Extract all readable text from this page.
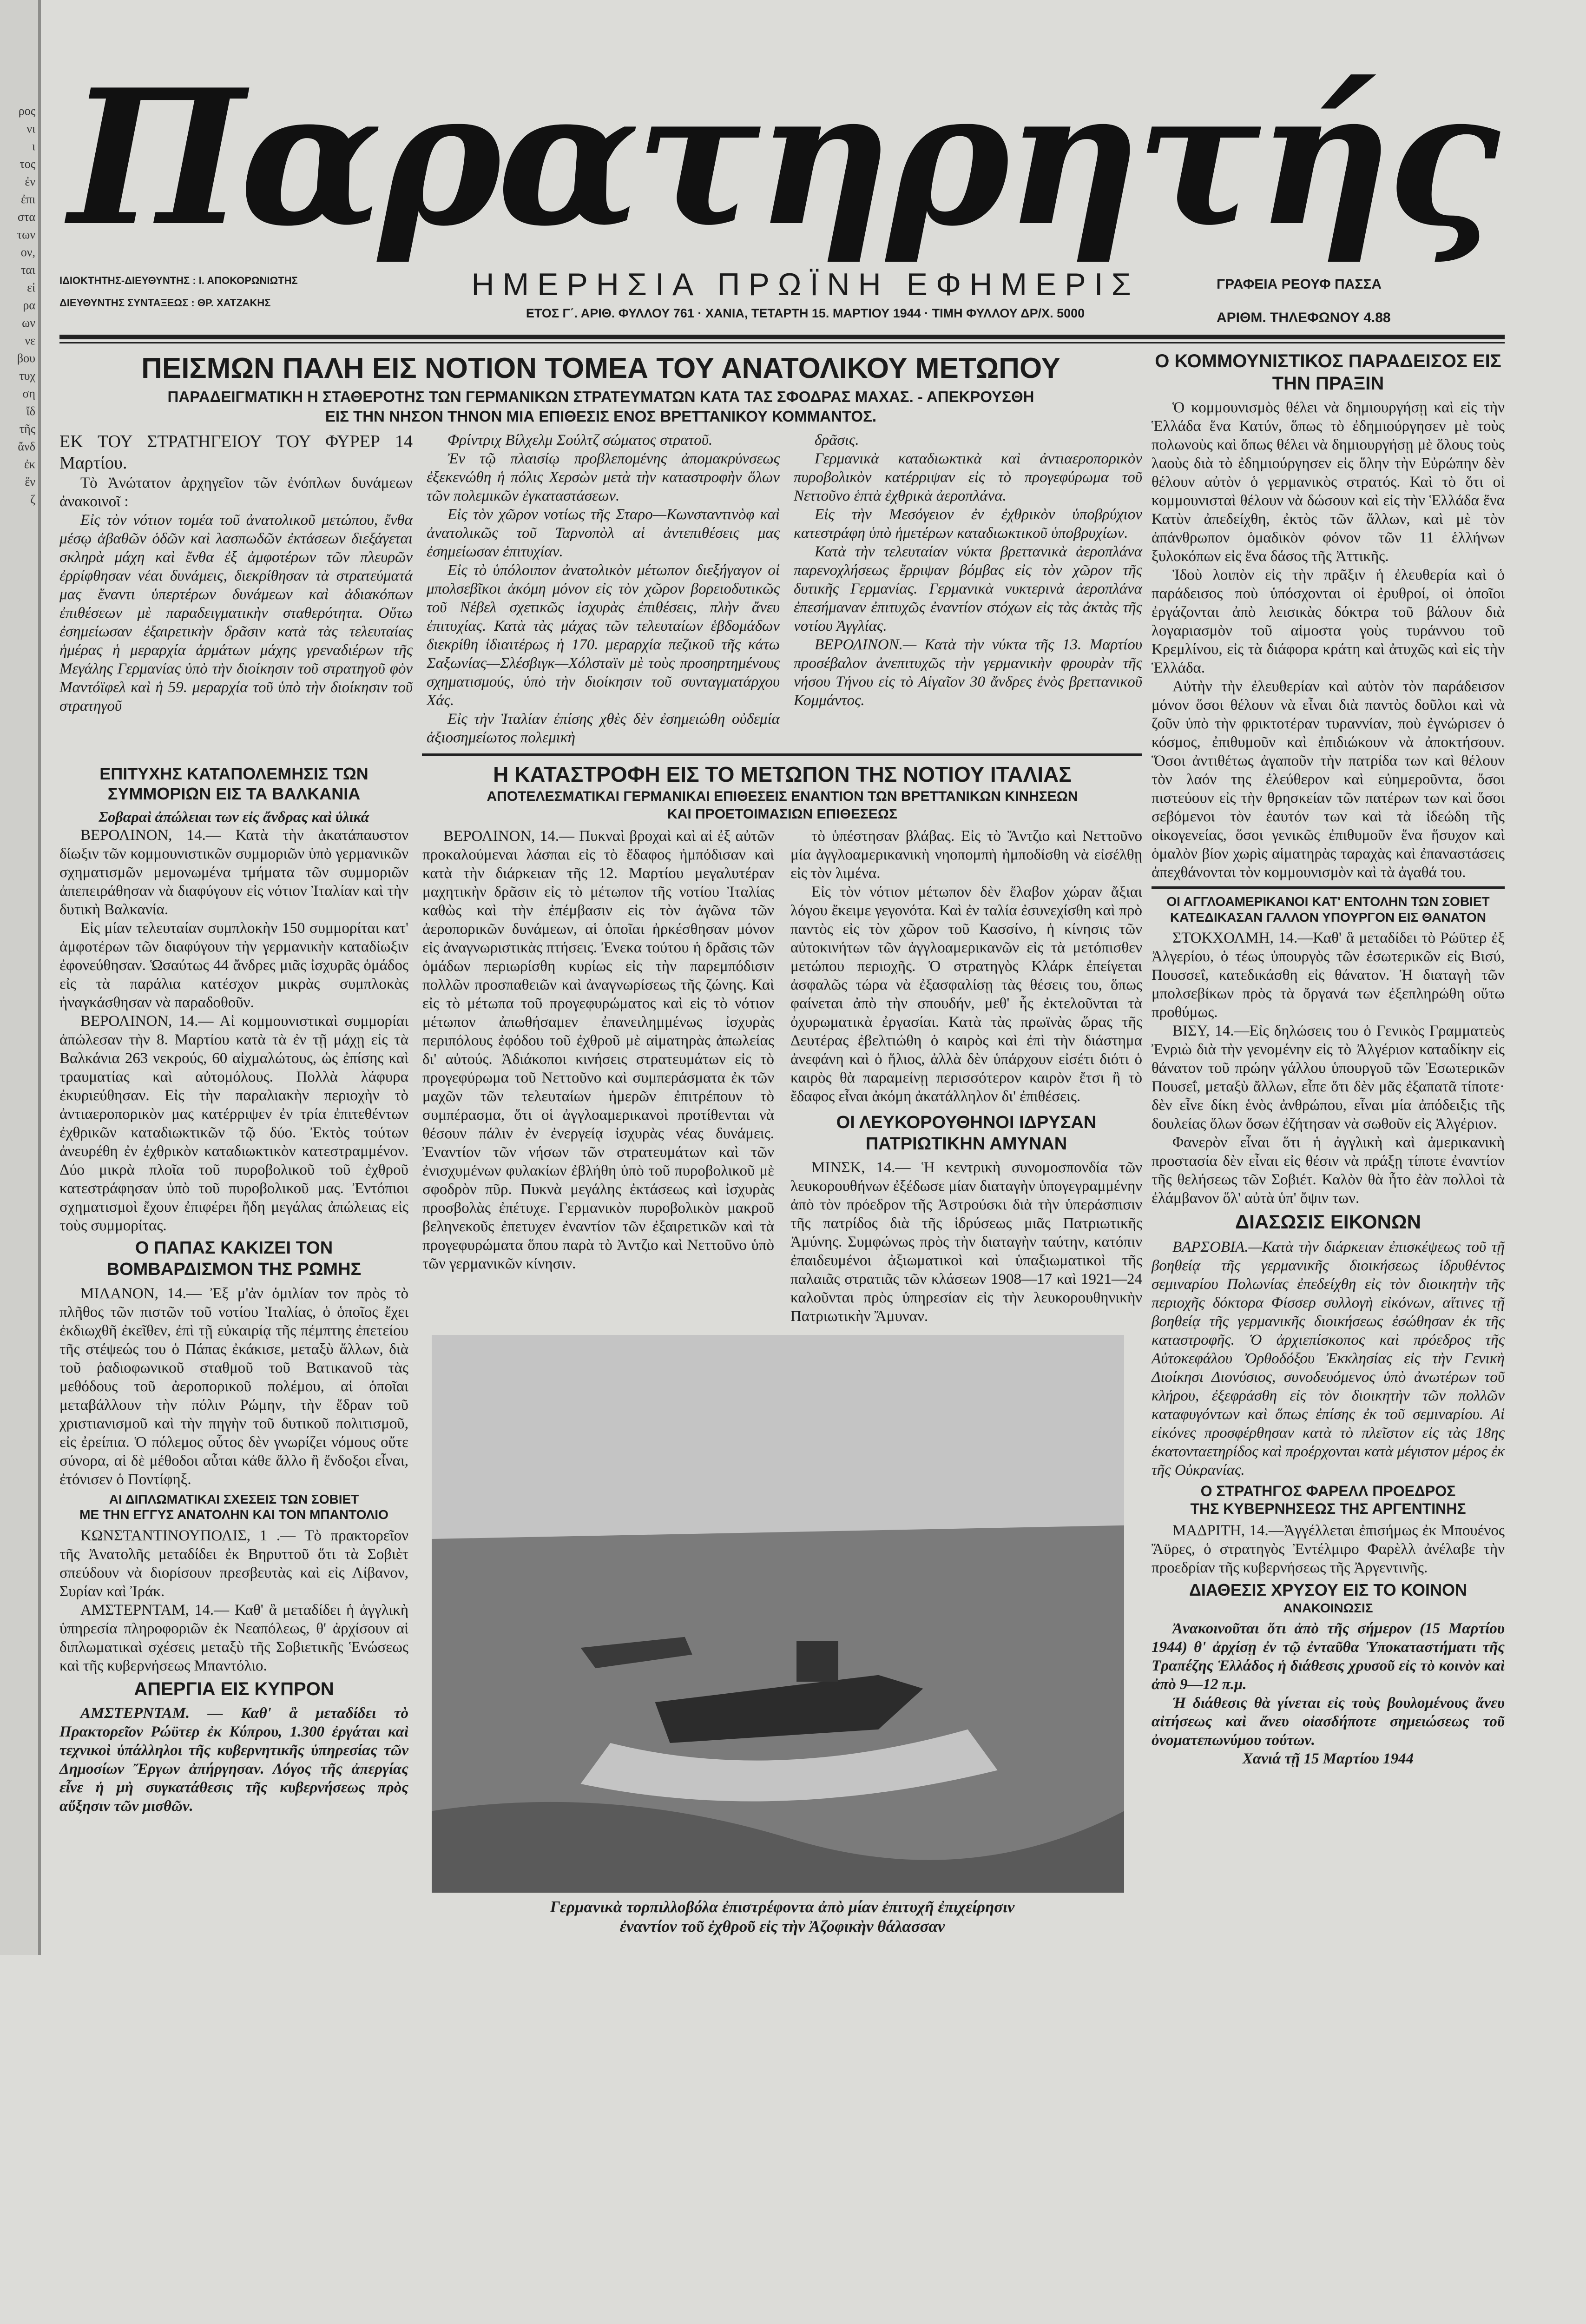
ρος νι ι τος ἐν ἐπι στα των ον, ται εἰ ρα ων νε βου τυχ ση ἴδ τῆς ἄνδ ἐκ ἕν ζ
Παρατηρητής
ΙΔΙΟΚΤΗΤΗΣ-ΔΙΕΥΘΥΝΤΗΣ : Ι. ΑΠΟΚΟΡΩΝΙΩΤΗΣ
ΔΙΕΥΘΥΝΤΗΣ ΣΥΝΤΑΞΕΩΣ : ΘΡ. ΧΑΤΖΑΚΗΣ
ΗΜΕΡΗΣΙΑ ΠΡΩΪΝΗ ΕΦΗΜΕΡΙΣ
ΕΤΟΣ Γ΄. ΑΡΙΘ. ΦΥΛΛΟΥ 761 · ΧΑΝΙΑ, ΤΕΤΑΡΤΗ 15. ΜΑΡΤΙΟΥ 1944 · ΤΙΜΗ ΦΥΛΛΟΥ ΔΡ/Χ. 5000
ΓΡΑΦΕΙΑ ΡΕΟΥΦ ΠΑΣΣΑ
ΑΡΙΘΜ. ΤΗΛΕΦΩΝΟΥ 4.88
ΠΕΙΣΜΩΝ ΠΑΛΗ ΕΙΣ ΝΟΤΙΟΝ ΤΟΜΕΑ ΤΟΥ ΑΝΑΤΟΛΙΚΟΥ ΜΕΤΩΠΟΥ
ΠΑΡΑΔΕΙΓΜΑΤΙΚΗ Η ΣΤΑΘΕΡΟΤΗΣ ΤΩΝ ΓΕΡΜΑΝΙΚΩΝ ΣΤΡΑΤΕΥΜΑΤΩΝ ΚΑΤΑ ΤΑΣ ΣΦΟΔΡΑΣ ΜΑΧΑΣ. - ΑΠΕΚΡΟΥΣΘΗ
ΕΙΣ ΤΗΝ ΝΗΣΟΝ ΤΗΝΟΝ ΜΙΑ ΕΠΙΘΕΣΙΣ ΕΝΟΣ ΒΡΕΤΤΑΝΙΚΟΥ ΚΟΜΜΑΝΤΟΣ.
ΕΚ ΤΟΥ ΣΤΡΑΤΗΓΕΙΟΥ ΤΟΥ ΦΥΡΕΡ 14 Μαρτίου.

Τὸ Ἀνώτατον ἀρχηγεῖον τῶν ἐνόπλων δυνάμεων ἀνακοινοῖ :

Εἰς τὸν νότιον τομέα τοῦ ἀνατολικοῦ μετώπου, ἔνθα μέσῳ ἀβαθῶν ὁδῶν καὶ λασπωδῶν ἐκτάσεων διεξάγεται σκληρὰ μάχη καὶ ἔνθα ἐξ ἀμφοτέρων τῶν πλευρῶν ἐρρίφθησαν νέαι δυνάμεις, διεκρίθησαν τὰ στρατεύματά μας ἔναντι ὑπερτέρων δυνάμεων καὶ ἀδιακόπων ἐπιθέσεων μὲ παραδειγματικὴν σταθερότητα. Οὕτω ἐσημείωσαν ἐξαιρετικὴν δρᾶσιν κατὰ τὰς τελευταίας ἡμέρας ἡ μεραρχία ἁρμάτων μάχης γρεναδιέρων τῆς Μεγάλης Γερμανίας ὑπὸ τὴν διοίκησιν τοῦ στρατηγοῦ φὸν Μαντόϊφελ καὶ ἡ 59. μεραρχία τοῦ ὑπὸ τὴν διοίκησιν τοῦ στρατηγοῦ

Φρίντριχ Βίλχελμ Σούλτζ σώματος στρατοῦ.

Ἐν τῷ πλαισίῳ προβλεπομένης ἀπομακρύνσεως ἐξεκενώθη ἡ πόλις Χερσὼν μετὰ τὴν καταστροφὴν ὅλων τῶν πολεμικῶν ἐγκαταστάσεων.

Εἰς τὸν χῶρον νοτίως τῆς Σταρο—Κωνσταντινὸφ καὶ ἀνατολικῶς τοῦ Ταρνοπὸλ αἱ ἀντεπιθέσεις μας ἐσημείωσαν ἐπιτυχίαν.

Εἰς τὸ ὑπόλοιπον ἀνατολικὸν μέτωπον διεξήγαγον οἱ μπολσεβῖκοι ἀκόμη μόνον εἰς τὸν χῶρον βορειοδυτικῶς τοῦ Νέβελ σχετικῶς ἰσχυρὰς ἐπιθέσεις, πλὴν ἄνευ ἐπιτυχίας. Κατὰ τὰς μάχας τῶν τελευταίων ἑβδομάδων διεκρίθη ἰδιαιτέρως ἡ 170. μεραρχία πεζικοῦ τῆς κάτω Σαξωνίας—Σλέσβιγκ—Χόλσταϊν μὲ τοὺς προσηρτημένους σχηματισμούς, ὑπὸ τὴν διοίκησιν τοῦ συνταγματάρχου Χάς.

Εἰς τὴν Ἰταλίαν ἐπίσης χθὲς δὲν ἐσημειώθη οὐδεμία ἀξιοσημείωτος πολεμικὴ

δρᾶσις.

Γερμανικὰ καταδιωκτικὰ καὶ ἀντιαεροπορικὸν πυροβολικὸν κατέρριψαν εἰς τὸ προγεφύρωμα τοῦ Νεττοῦνο ἑπτὰ ἐχθρικὰ ἀεροπλάνα.

Εἰς τὴν Μεσόγειον ἐν ἐχθρικὸν ὑποβρύχιον κατεστράφη ὑπὸ ἡμετέρων καταδιωκτικοῦ ὑποβρυχίων.

Κατὰ τὴν τελευταίαν νύκτα βρεττανικὰ ἀεροπλάνα παρενοχλήσεως ἔρριψαν βόμβας εἰς τὸν χῶρον τῆς δυτικῆς Γερμανίας. Γερμανικὰ νυκτερινὰ ἀεροπλάνα ἐπεσήμαναν ἐπιτυχῶς ἐναντίον στόχων εἰς τὰς ἀκτὰς τῆς νοτίου Ἀγγλίας.

ΒΕΡΟΛΙΝΟΝ.— Κατὰ τὴν νύκτα τῆς 13. Μαρτίου προσέβαλον ἀνεπιτυχῶς τὴν γερμανικὴν φρουρὰν τῆς νήσου Τήνου εἰς τὸ Αἰγαῖον 30 ἄνδρες ἑνὸς βρεττανικοῦ Κομμάντος.

ΕΠΙΤΥΧΗΣ ΚΑΤΑΠΟΛΕΜΗΣΙΣ ΤΩΝ ΣΥΜΜΟΡΙΩΝ ΕΙΣ ΤΑ ΒΑΛΚΑΝΙΑ
Σοβαραὶ ἀπώλειαι των εἰς ἄνδρας καὶ ὑλικά

ΒΕΡΟΛΙΝΟΝ, 14.— Κατὰ τὴν ἀκατάπαυστον δίωξιν τῶν κομμουνιστικῶν συμμοριῶν ὑπὸ γερμανικῶν σχηματισμῶν μεμονωμένα τμήματα τῶν συμμοριῶν ἀπεπειράθησαν νὰ διαφύγουν εἰς νότιον Ἰταλίαν καὶ τὴν δυτικὴ Βαλκανία.

Εἰς μίαν τελευταίαν συμπλοκὴν 150 συμμορίται κατ' ἀμφοτέρων τῶν διαφύγουν τὴν γερμανικὴν καταδίωξιν ἐφονεύθησαν. Ὡσαύτως 44 ἄνδρες μιᾶς ἰσχυρᾶς ὁμάδος εἰς τὰ παράλια κατέσχον μικρὰς συμπλοκὰς ἠναγκάσθησαν νὰ παραδοθοῦν.

ΒΕΡΟΛΙΝΟΝ, 14.— Αἱ κομμουνιστικαὶ συμμορίαι ἀπώλεσαν τὴν 8. Μαρτίου κατὰ τὰ ἐν τῇ μάχῃ εἰς τὰ Βαλκάνια 263 νεκρούς, 60 αἰχμαλώτους, ὡς ἐπίσης καὶ τραυματίας καὶ αὐτομόλους. Πολλὰ λάφυρα ἐκυριεύθησαν. Εἰς τὴν παραλιακὴν περιοχὴν τὸ ἀντιαεροπορικὸν μας κατέρριψεν ἐν τρία ἐπιτεθέντων ἐχθρικῶν καταδιωκτικῶν τῷ δύο. Ἐκτὸς τούτων ἀνευρέθη ἐν ἐχθρικὸν καταδιωκτικὸν κατεστραμμένον. Δύο μικρὰ πλοῖα τοῦ πυροβολικοῦ τοῦ ἐχθροῦ κατεστράφησαν ὑπὸ τοῦ πυροβολικοῦ μας. Ἐντόπιοι σχηματισμοὶ ἔχουν ἐπιφέρει ἤδη μεγάλας ἀπώλειας εἰς τοὺς συμμορίτας.

Ο ΠΑΠΑΣ ΚΑΚΙΖΕΙ ΤΟΝ ΒΟΜΒΑΡΔΙΣΜΟΝ ΤΗΣ ΡΩΜΗΣ

ΜΙΛΑΝΟΝ, 14.— Ἐξ μ'ἀν ὁμιλίαν τον πρὸς τὸ πλῆθος τῶν πιστῶν τοῦ νοτίου Ἰταλίας, ὁ ὁποῖος ἔχει ἐκδιωχθῆ ἐκεῖθεν, ἐπὶ τῇ εὐκαιρίᾳ τῆς πέμπτης ἐπετείου τῆς στέψεώς του ὁ Πάπας ἐκάκισε, μεταξὺ ἄλλων, διὰ τοῦ ῥαδιοφωνικοῦ σταθμοῦ τοῦ Βατικανοῦ τὰς μεθόδους τοῦ ἀεροπορικοῦ πολέμου, αἱ ὁποῖαι μεταβάλλουν τὴν πόλιν Ρώμην, τὴν ἕδραν τοῦ χριστιανισμοῦ καὶ τὴν πηγὴν τοῦ δυτικοῦ πολιτισμοῦ, εἰς ἐρείπια. Ὁ πόλεμος οὗτος δὲν γνωρίζει νόμους οὔτε σύνορα, αἱ δὲ μέθοδοι αὗται κάθε ἄλλο ἢ ἔνδοξοι εἶναι, ἐτόνισεν ὁ Ποντίφηξ.

ΑΙ ΔΙΠΛΩΜΑΤΙΚΑΙ ΣΧΕΣΕΙΣ ΤΩΝ ΣΟΒΙΕΤ
ΜΕ ΤΗΝ ΕΓΓΥΣ ΑΝΑΤΟΛΗΝ ΚΑΙ ΤΟΝ ΜΠΑΝΤΟΛΙΟ

ΚΩΝΣΤΑΝΤΙΝΟΥΠΟΛΙΣ, 1 .— Τὸ πρακτορεῖον τῆς Ἀνατολῆς μεταδίδει ἐκ Βηρυττοῦ ὅτι τὰ Σοβιὲτ σπεύδουν νὰ διορίσουν πρεσβευτὰς καὶ εἰς Λίβανον, Συρίαν καὶ Ἰράκ.

ΑΜΣΤΕΡΝΤΑΜ, 14.— Καθ' ἃ μεταδίδει ἡ ἀγγλικὴ ὑπηρεσία πληροφοριῶν ἐκ Νεαπόλεως, θ' ἀρχίσουν αἱ διπλωματικαὶ σχέσεις μεταξὺ τῆς Σοβιετικῆς Ἑνώσεως καὶ τῆς κυβερνήσεως Μπαντόλιο.

ΑΠΕΡΓΙΑ ΕΙΣ ΚΥΠΡΟΝ

ΑΜΣΤΕΡΝΤΑΜ. — Καθ' ἃ μεταδίδει τὸ Πρακτορεῖον Ρώϋτερ ἐκ Κύπρου, 1.300 ἐργάται καὶ τεχνικοὶ ὑπάλληλοι τῆς κυβερνητικῆς ὑπηρεσίας τῶν Δημοσίων Ἔργων ἀπήργησαν. Λόγος τῆς ἀπεργίας εἶνε ἡ μὴ συγκατάθεσις τῆς κυβερνήσεως πρὸς αὔξησιν τῶν μισθῶν.

Η ΚΑΤΑΣΤΡΟΦΗ ΕΙΣ ΤΟ ΜΕΤΩΠΟΝ ΤΗΣ ΝΟΤΙΟΥ ΙΤΑΛΙΑΣ
ΑΠΟΤΕΛΕΣΜΑΤΙΚΑΙ ΓΕΡΜΑΝΙΚΑΙ ΕΠΙΘΕΣΕΙΣ ΕΝΑΝΤΙΟΝ ΤΩΝ ΒΡΕΤΤΑΝΙΚΩΝ ΚΙΝΗΣΕΩΝ
ΚΑΙ ΠΡΟΕΤΟΙΜΑΣΙΩΝ ΕΠΙΘΕΣΕΩΣ

ΒΕΡΟΛΙΝΟΝ, 14.— Πυκναὶ βροχαὶ καὶ αἱ ἐξ αὐτῶν προκαλούμεναι λάσπαι εἰς τὸ ἔδαφος ἠμπόδισαν καὶ κατὰ τὴν διάρκειαν τῆς 12. Μαρτίου μεγαλυτέραν μαχητικὴν δρᾶσιν εἰς τὸ μέτωπον τῆς νοτίου Ἰταλίας καθὼς καὶ τὴν ἐπέμβασιν εἰς τὸν ἀγῶνα τῶν ἀεροπορικῶν δυνάμεων, αἱ ὁποῖαι ἠρκέσθησαν μόνον εἰς ἀναγνωριστικὰς πτήσεις. Ἐνεκα τούτου ἡ δρᾶσις τῶν ὁμάδων περιωρίσθη κυρίως εἰς τὴν παρεμπόδισιν πολλῶν προσπαθειῶν καὶ ἀναγνωρίσεως τῆς ζώνης. Καὶ εἰς τὸ μέτωπα τοῦ προγεφυρώματος καὶ εἰς τὸ νότιον μέτωπον ἀπωθήσαμεν ἐπανειλημμένως ἰσχυρὰς περιπόλους ἐφόδου τοῦ ἐχθροῦ μὲ αἱματηρὰς ἀπωλείας δι' αὐτούς. Ἀδιάκοποι κινήσεις στρατευμάτων εἰς τὸ προγεφύρωμα τοῦ Νεττοῦνο καὶ συμπεράσματα ἐκ τῶν μαχῶν τῶν τελευταίων ἡμερῶν ἐπιτρέπουν τὸ συμπέρασμα, ὅτι οἱ ἀγγλοαμερικανοὶ προτίθενται νὰ θέσουν πάλιν ἐν ἐνεργείᾳ ἰσχυρὰς νέας δυνάμεις. Ἐναντίον τῶν νήσων τῶν στρατευμάτων καὶ τῶν ἐνισχυμένων φυλακίων ἐβλήθη ὑπὸ τοῦ πυροβολικοῦ μὲ σφοδρὸν πῦρ. Πυκνὰ μεγάλης ἐκτάσεως καὶ ἰσχυρὰς προσβολὰς ἐπέτυχε. Γερμανικὸν πυροβολικὸν μακροῦ βεληνεκοῦς ἐπετυχεν ἐναντίον τῶν ἐξαιρετικῶν καὶ τὰ προγεφυρώματα ὅπου παρὰ τὸ Ἀντζιο καὶ Νεττοῦνο ὑπὸ τῶν γερμανικῶν κίνησιν.

τὸ ὑπέστησαν βλάβας. Εἰς τὸ Ἄντζιο καὶ Νεττοῦνο μία ἀγγλοαμερικανικὴ νηοπομπὴ ἠμποδίσθη νὰ εἰσέλθῃ εἰς τὸν λιμένα.

Εἰς τὸν νότιον μέτωπον δὲν ἔλαβον χώραν ἄξιαι λόγου ἔκειμε γεγονότα. Καὶ ἐν ταλία ἐσυνεχίσθη καὶ πρὸ παντὸς εἰς τὸν χῶρον τοῦ Κασσίνο, ἡ κίνησις τῶν αὐτοκινήτων τῶν ἀγγλοαμερικανῶν εἰς τὰ μετόπισθεν μετώπου περιοχῆς. Ὁ στρατηγὸς Κλάρκ ἐπείγεται ἀσφαλῶς τώρα νὰ ἐξασφαλίσῃ τὰς θέσεις του, ὅπως φαίνεται ἀπὸ τὴν σπουδήν, μεθ' ἧς ἐκτελοῦνται τὰ ὀχυρωματικὰ ἐργασίαι. Κατὰ τὰς πρωϊνὰς ὥρας τῆς Δευτέρας ἐβελτιώθη ὁ καιρὸς καὶ ἐπὶ τὴν διάστημα ἀνεφάνη καὶ ὁ ἥλιος, ἀλλὰ δὲν ὑπάρχουν εἰσέτι διότι ὁ καιρὸς θὰ παραμείνῃ περισσότερον καιρὸν ἔτσι ἢ τὸ ἔδαφος εἶναι ἀκόμη ἀκατάλληλον δι' ἐπιθέσεις.

ΟΙ ΛΕΥΚΟΡΟΥΘΗΝΟΙ ΙΔΡΥΣΑΝ
ΠΑΤΡΙΩΤΙΚΗΝ ΑΜΥΝΑΝ

ΜΙΝΣΚ, 14.— Ἡ κεντρικὴ συνομοσπονδία τῶν λευκορουθήνων ἐξέδωσε μίαν διαταγὴν ὑπογεγραμμένην ἀπὸ τὸν πρόεδρον τῆς Ἀστρούσκι διὰ τὴν ὑπεράσπισιν τῆς πατρίδος διὰ τῆς ἱδρύσεως μιᾶς Πατριωτικῆς Ἀμύνης. Συμφώνως πρὸς τὴν διαταγὴν ταύτην, κατόπιν ἐπαιδευμένοι ἀξιωματικοὶ καὶ ὑπαξιωματικοὶ τῆς παλαιᾶς στρατιᾶς τῶν κλάσεων 1908—17 καὶ 1921—24 καλοῦνται πρὸς ὑπηρεσίαν εἰς τὴν λευκορουθηνικὴν Πατριωτικὴν Ἄμυναν.

Γερμανικὰ τορπιλλοβόλα ἐπιστρέφοντα ἀπὸ μίαν ἐπιτυχῆ ἐπιχείρησιν
ἐναντίον τοῦ ἐχθροῦ εἰς τὴν Ἀζοφικὴν θάλασσαν
Ο ΚΟΜΜΟΥΝΙΣΤΙΚΟΣ ΠΑΡΑΔΕΙΣΟΣ ΕΙΣ ΤΗΝ ΠΡΑΞΙΝ

Ὁ κομμουνισμὸς θέλει νὰ δημιουργήσῃ καὶ εἰς τὴν Ἑλλάδα ἕνα Κατύν, ὅπως τὸ ἐδημιούργησεν μὲ τοὺς πολωνοὺς καὶ ὅπως θέλει νὰ δημιουργήσῃ μὲ ὅλους τοὺς λαοὺς διὰ τὸ ἐδημιούργησεν εἰς ὅλην τὴν Εὐρώπην δὲν θέλουν αὐτὸν ὁ γερμανικὸς στρατός. Καὶ τὸ ὅτι οἱ κομμουνισταὶ θέλουν νὰ δώσουν καὶ εἰς τὴν Ἑλλάδα ἕνα Κατὺν ἀπεδείχθη, ἐκτὸς τῶν ἄλλων, καὶ μὲ τὸν ἀπάνθρωπον ὁμαδικὸν φόνον τῶν 11 ἑλλήνων ξυλοκόπων εἰς ἕνα δάσος τῆς Ἀττικῆς.

Ἰδοὺ λοιπὸν εἰς τὴν πρᾶξιν ἡ ἐλευθερία καὶ ὁ παράδεισος ποὺ ὑπόσχονται οἱ ἐρυθροί, οἱ ὁποῖοι ἐργάζονται ἀπὸ λεισικὰς δόκτρα τοῦ βάλουν διὰ λογαριασμὸν τοῦ αἱμοστα γοὺς τυράννου τοῦ Κρεμλίνου, εἰς τὰ διάφορα κράτη καὶ ἀτυχῶς καὶ εἰς τὴν Ἑλλάδα.

Αὐτὴν τὴν ἐλευθερίαν καὶ αὐτὸν τὸν παράδεισον μόνον ὅσοι θέλουν νὰ εἶναι διὰ παντὸς δοῦλοι καὶ νὰ ζοῦν ὑπὸ τὴν φρικτοτέραν τυραννίαν, ποὺ ἐγνώρισεν ὁ κόσμος, ἐπιθυμοῦν καὶ ἐπιδιώκουν νὰ ἀποκτήσουν. Ὅσοι ἀντιθέτως ἀγαποῦν τὴν πατρίδα των καὶ θέλουν τὸν λαόν της ἐλεύθερον καὶ εὐημεροῦντα, ὅσοι πιστεύουν εἰς τὴν θρησκείαν τῶν πατέρων των καὶ ὅσοι σεβόμενοι τὸν ἑαυτόν των καὶ τὰ ἰδεώδη τῆς οἰκογενείας, ὅσοι γενικῶς ἐπιθυμοῦν ἕνα ἥσυχον καὶ ὁμαλὸν βίον χωρὶς αἱματηρὰς ταραχὰς καὶ ἐπαναστάσεις ἀπεχθάνονται τὸν κομμουνισμὸν καὶ τὰ ἀγαθά του.

ΟΙ ΑΓΓΛΟΑΜΕΡΙΚΑΝΟΙ ΚΑΤ' ΕΝΤΟΛΗΝ ΤΩΝ ΣΟΒΙΕΤ
ΚΑΤΕΔΙΚΑΣΑΝ ΓΑΛΛΟΝ ΥΠΟΥΡΓΟΝ ΕΙΣ ΘΑΝΑΤΟΝ

ΣΤΟΚΧΟΛΜΗ, 14.—Καθ' ἃ μεταδίδει τὸ Ρώϋτερ ἐξ Ἀλγερίου, ὁ τέως ὑπουργὸς τῶν ἐσωτερικῶν εἰς Βισύ, Πουσσεΐ, κατεδικάσθη εἰς θάνατον. Ἡ διαταγὴ τῶν μπολσεβίκων πρὸς τὰ ὄργανά των ἐξεπληρώθη οὕτω προθύμως.

ΒΙΣΥ, 14.—Εἰς δηλώσεις του ὁ Γενικὸς Γραμματεὺς Ἐνριὼ διὰ τὴν γενομένην εἰς τὸ Ἀλγέριον καταδίκην εἰς θάνατον τοῦ πρώην γάλλου ὑπουργοῦ τῶν Ἐσωτερικῶν Πουσεΐ, μεταξὺ ἄλλων, εἶπε ὅτι δὲν μᾶς ἐξαπατᾶ τίποτε· δὲν εἶνε δίκη ἑνὸς ἀνθρώπου, εἶναι μία ἀπόδειξις τῆς δουλείας ὅλων ὅσων ἐζήτησαν νὰ σωθοῦν εἰς Ἀλγέριον.

Φανερὸν εἶναι ὅτι ἡ ἀγγλικὴ καὶ ἀμερικανικὴ προστασία δὲν εἶναι εἰς θέσιν νὰ πράξῃ τίποτε ἐναντίον τῆς θελήσεως τῶν Σοβιέτ. Καλὸν θὰ ἦτο ἐὰν πολλοὶ τὰ ἐλάμβανον ὅλ' αὐτὰ ὑπ' ὄψιν των.

ΔΙΑΣΩΣΙΣ ΕΙΚΟΝΩΝ

ΒΑΡΣΟΒΙΑ.—Κατὰ τὴν διάρκειαν ἐπισκέψεως τοῦ τῇ βοηθείᾳ τῆς γερμανικῆς διοικήσεως ἱδρυθέντος σεμιναρίου Πολωνίας ἐπεδείχθη εἰς τὸν διοικητὴν τῆς περιοχῆς δόκτορα Φίσσερ συλλογὴ εἰκόνων, αἵτινες τῇ βοηθείᾳ τῆς γερμανικῆς διοικήσεως ἐσώθησαν ἐκ τῆς καταστροφῆς. Ὁ ἀρχιεπίσκοπος καὶ πρόεδρος τῆς Αὐτοκεφάλου Ὀρθοδόξου Ἐκκλησίας εἰς τὴν Γενικὴ Διοίκησι Διονύσιος, συνοδευόμενος ὑπὸ ἀνωτέρων τοῦ κλήρου, ἐξεφράσθη εἰς τὸν διοικητὴν τῶν πολλῶν καταφυγόντων καὶ ὅπως ἐπίσης ἐκ τοῦ σεμιναρίου. Αἱ εἰκόνες προσφέρθησαν κατὰ τὸ πλεῖστον εἰς τὰς 18ης ἑκατονταετηρίδος καὶ προέρχονται κατὰ μέγιστον μέρος ἐκ τῆς Οὐκρανίας.

Ο ΣΤΡΑΤΗΓΟΣ ΦΑΡΕΛΛ ΠΡΟΕΔΡΟΣ
ΤΗΣ ΚΥΒΕΡΝΗΣΕΩΣ ΤΗΣ ΑΡΓΕΝΤΙΝΗΣ

ΜΑΔΡΙΤΗ, 14.—Ἀγγέλλεται ἐπισήμως ἐκ Μπουένος Ἄϋρες, ὁ στρατηγὸς Ἐντέλμιρο Φαρὲλλ ἀνέλαβε τὴν προεδρίαν τῆς κυβερνήσεως τῆς Ἀργεντινῆς.

ΔΙΑΘΕΣΙΣ ΧΡΥΣΟΥ ΕΙΣ ΤΟ ΚΟΙΝΟΝ
ΑΝΑΚΟΙΝΩΣΙΣ

Ἀνακοινοῦται ὅτι ἀπὸ τῆς σήμερον (15 Μαρτίου 1944) θ' ἀρχίσῃ ἐν τῷ ἐνταῦθα Ὑποκαταστήματι τῆς Τραπέζης Ἑλλάδος ἡ διάθεσις χρυσοῦ εἰς τὸ κοινὸν καὶ ἀπὸ 9—12 π.μ.

Ἡ διάθεσις θὰ γίνεται εἰς τοὺς βουλομένους ἄνευ αἰτήσεως καὶ ἄνευ οἰασδήποτε σημειώσεως τοῦ ὀνοματεπωνύμου τούτων.

Χανιά τῇ 15 Μαρτίου 1944
